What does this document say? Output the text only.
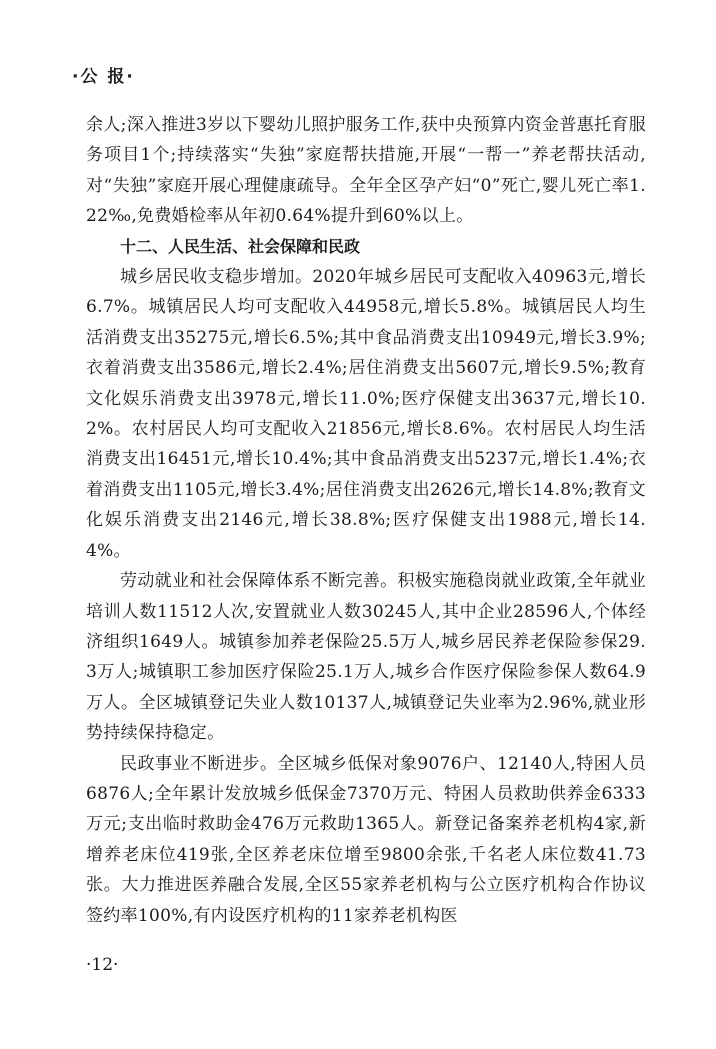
·公 报·

余人;深入推进3岁以下婴幼儿照护服务工作,获中央预算内资金普惠托育服务项目1个;持续落实“失独”家庭帮扶措施,开展“一帮一”养老帮扶活动,对“失独”家庭开展心理健康疏导。全年全区孕产妇“0”死亡,婴儿死亡率1.22‰,免费婚检率从年初0.64%提升到60%以上。

十二、人民生活、社会保障和民政

城乡居民收支稳步增加。2020年城乡居民可支配收入40963元,增长6.7%。城镇居民人均可支配收入44958元,增长5.8%。城镇居民人均生活消费支出35275元,增长6.5%;其中食品消费支出10949元,增长3.9%;衣着消费支出3586元,增长2.4%;居住消费支出5607元,增长9.5%;教育文化娱乐消费支出3978元,增长11.0%;医疗保健支出3637元,增长10.2%。农村居民人均可支配收入21856元,增长8.6%。农村居民人均生活消费支出16451元,增长10.4%;其中食品消费支出5237元,增长1.4%;衣着消费支出1105元,增长3.4%;居住消费支出2626元,增长14.8%;教育文化娱乐消费支出2146元,增长38.8%;医疗保健支出1988元,增长14.4%。

劳动就业和社会保障体系不断完善。积极实施稳岗就业政策,全年就业培训人数11512人次,安置就业人数30245人,其中企业28596人,个体经济组织1649人。城镇参加养老保险25.5万人,城乡居民养老保险参保29.3万人;城镇职工参加医疗保险25.1万人,城乡合作医疗保险参保人数64.9万人。全区城镇登记失业人数10137人,城镇登记失业率为2.96%,就业形势持续保持稳定。

民政事业不断进步。全区城乡低保对象9076户、12140人,特困人员6876人;全年累计发放城乡低保金7370万元、特困人员救助供养金6333万元;支出临时救助金476万元救助1365人。新登记备案养老机构4家,新增养老床位419张,全区养老床位增至9800余张,千名老人床位数41.73张。大力推进医养融合发展,全区55家养老机构与公立医疗机构合作协议签约率100%,有内设医疗机构的11家养老机构医

·12·
